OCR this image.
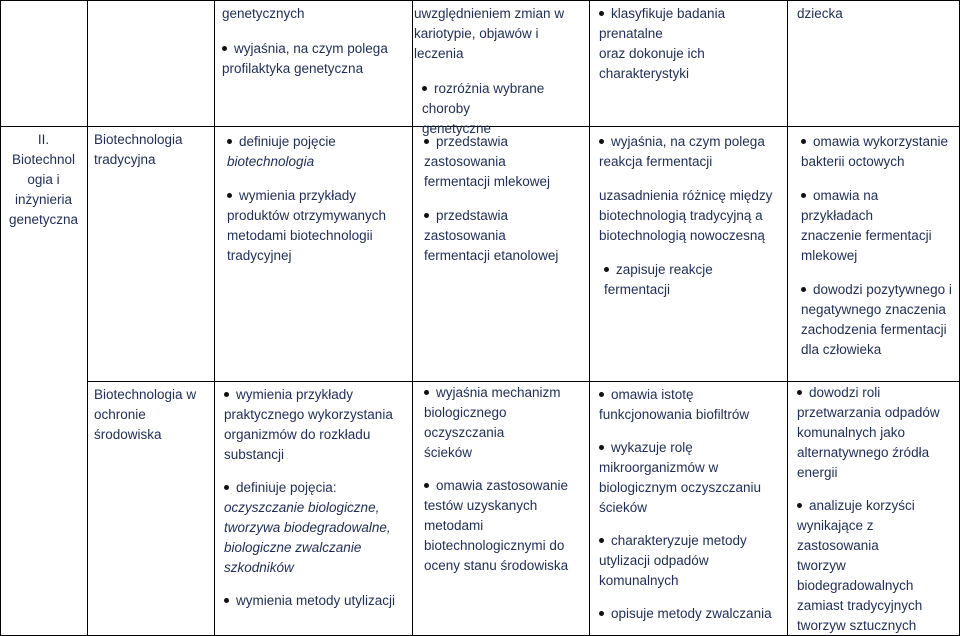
genetycznych
wyjaśnia, na czym polega
profilaktyka genetyczna
uwzględnieniem zmian w
kariotypie, objawów i
leczenia
rozróżnia wybrane choroby
genetyczne
klasyfikuje badania prenatalne
oraz dokonuje ich
charakterystyki
dziecka
II.
Biotechnol
ogia i
inżynieria
genetyczna
Biotechnologia
tradycyjna
definiuje pojęcie
biotechnologia
wymienia przykłady
produktów otrzymywanych
metodami biotechnologii
tradycyjnej
przedstawia zastosowania
fermentacji mlekowej
przedstawia zastosowania
fermentacji etanolowej
wyjaśnia, na czym polega
reakcja fermentacji
uzasadnienia różnicę między
biotechnologią tradycyjną a
biotechnologią nowoczesną
zapisuje reakcje fermentacji
omawia wykorzystanie
bakterii octowych
omawia na przykładach
znaczenie fermentacji
mlekowej
dowodzi pozytywnego i
negatywnego znaczenia
zachodzenia fermentacji
dla człowieka
Biotechnologia w
ochronie
środowiska
wymienia przykłady
praktycznego wykorzystania
organizmów do rozkładu
substancji
definiuje pojęcia:
oczyszczanie biologiczne,
tworzywa biodegradowalne,
biologiczne zwalczanie
szkodników
wymienia metody utylizacji
wyjaśnia mechanizm
biologicznego oczyszczania
ścieków
omawia zastosowanie
testów uzyskanych
metodami
biotechnologicznymi do
oceny stanu środowiska
omawia istotę
funkcjonowania biofiltrów
wykazuje rolę
mikroorganizmów w
biologicznym oczyszczaniu
ścieków
charakteryzuje metody
utylizacji odpadów
komunalnych
opisuje metody zwalczania
dowodzi roli
przetwarzania odpadów
komunalnych jako
alternatywnego źródła
energii
analizuje korzyści
wynikające z zastosowania
tworzyw
biodegradowalnych
zamiast tradycyjnych
tworzyw sztucznych
